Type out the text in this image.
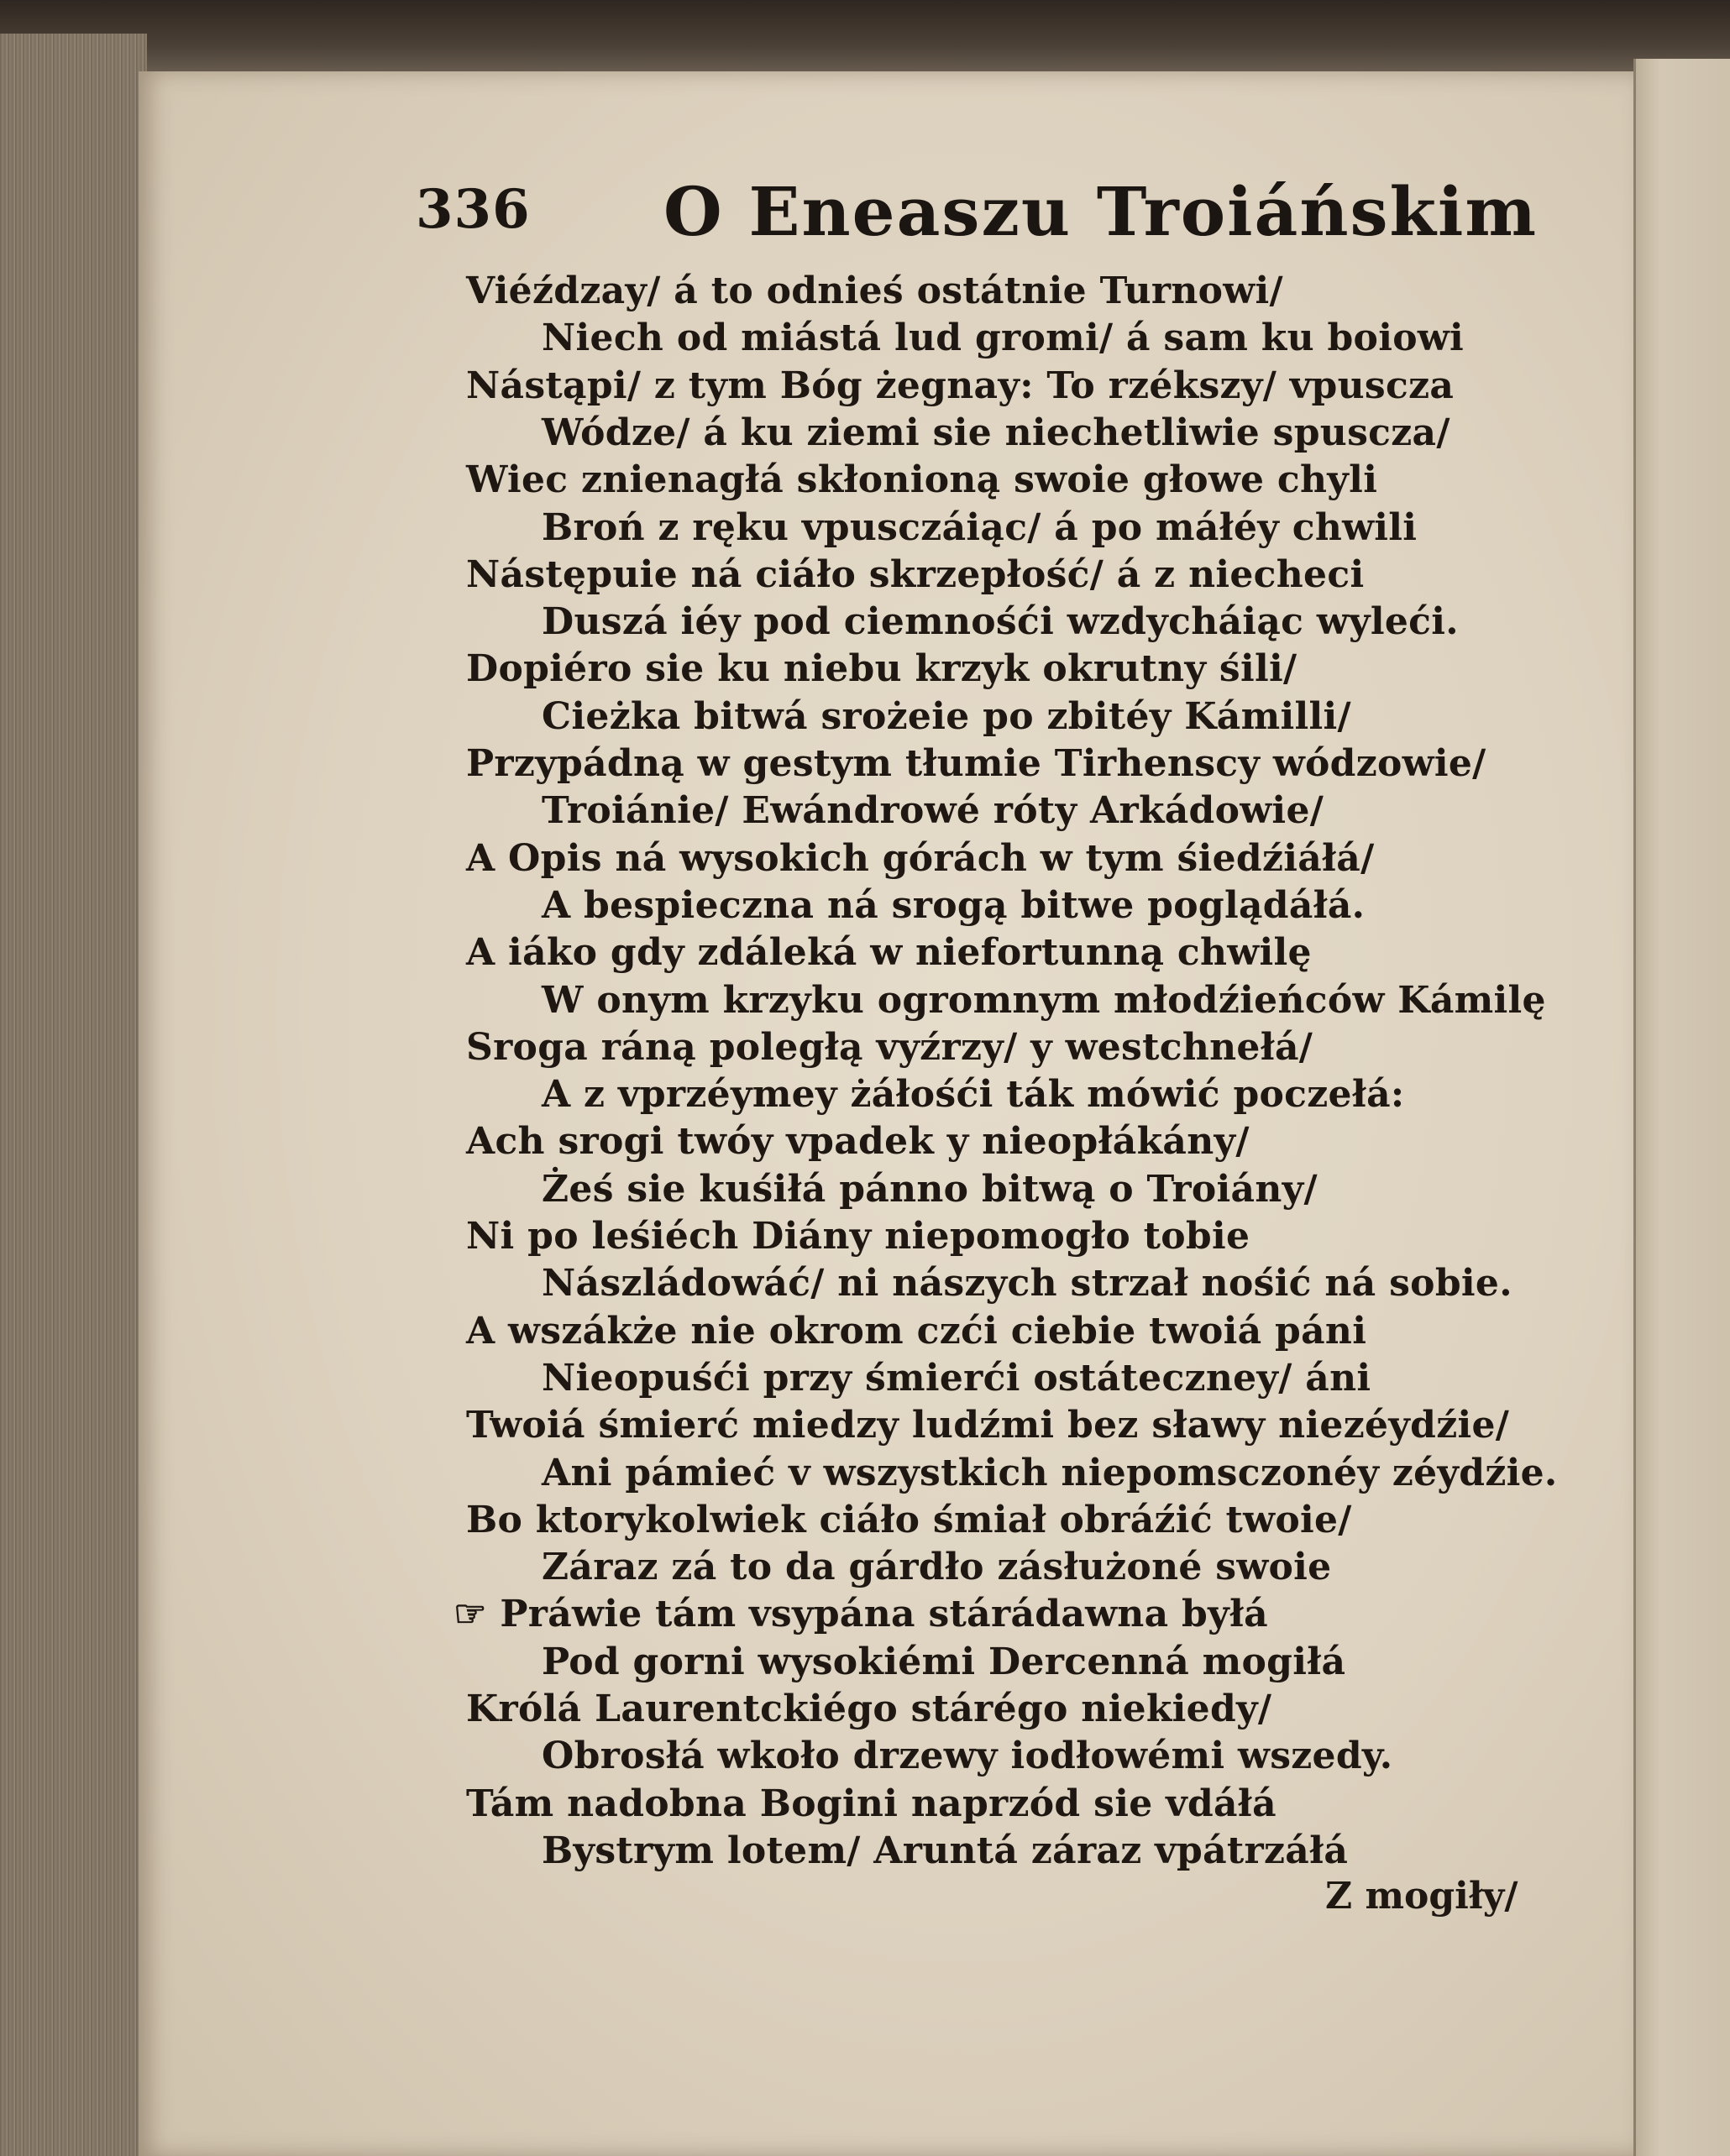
336 O Eneaszu Troiáńskim
Viéźdzay/ á to odnieś ostátnie Turnowi/
Niech od miástá lud gromi/ á sam ku boiowi
Nástąpi/ z tym Bóg żegnay: To rzékszy/ vpuscza
Wódze/ á ku ziemi sie niechetliwie spuscza/
Wiec znienagłá skłonioną swoie głowe chyli
Broń z ręku vpusczáiąc/ á po máłéy chwili
Nástępuie ná ciáło skrzepłość/ á z niecheci
Duszá iéy pod ciemnośći wzdycháiąc wyleći.
Dopiéro sie ku niebu krzyk okrutny śili/
Cieżka bitwá srożeie po zbitéy Kámilli/
Przypádną w gestym tłumie Tirhenscy wódzowie/
Troiánie/ Ewándrowé róty Arkádowie/
A Opis ná wysokich górách w tym śiedźiáłá/
A bespieczna ná srogą bitwe poglądáłá.
A iáko gdy zdáleká w niefortunną chwilę
W onym krzyku ogromnym młodźieńców Kámilę
Sroga ráną poległą vyźrzy/ y westchnełá/
A z vprzéymey żáłośći ták mówić poczełá:
Ach srogi twóy vpadek y nieopłákány/
Żeś sie kuśiłá pánno bitwą o Troiány/
Ni po leśiéch Diány niepomogło tobie
Nászládowáć/ ni nászych strzał nośić ná sobie.
A wszákże nie okrom czći ciebie twoiá páni
Nieopuśći przy śmierći ostáteczney/ áni
Twoiá śmierć miedzy ludźmi bez sławy niezéydźie/
Ani pámieć v wszystkich niepomsczonéy zéydźie.
Bo ktorykolwiek ciáło śmiał obráźić twoie/
Záraz zá to da gárdło zásłużoné swoie
☞ Práwie tám vsypána stárádawna byłá
Pod gorni wysokiémi Dercenná mogiłá
Królá Laurentckiégo stárégo niekiedy/
Obrosłá wkoło drzewy iodłowémi wszedy.
Tám nadobna Bogini naprzód sie vdáłá
Bystrym lotem/ Aruntá záraz vpátrzáłá
Z mogiły/
